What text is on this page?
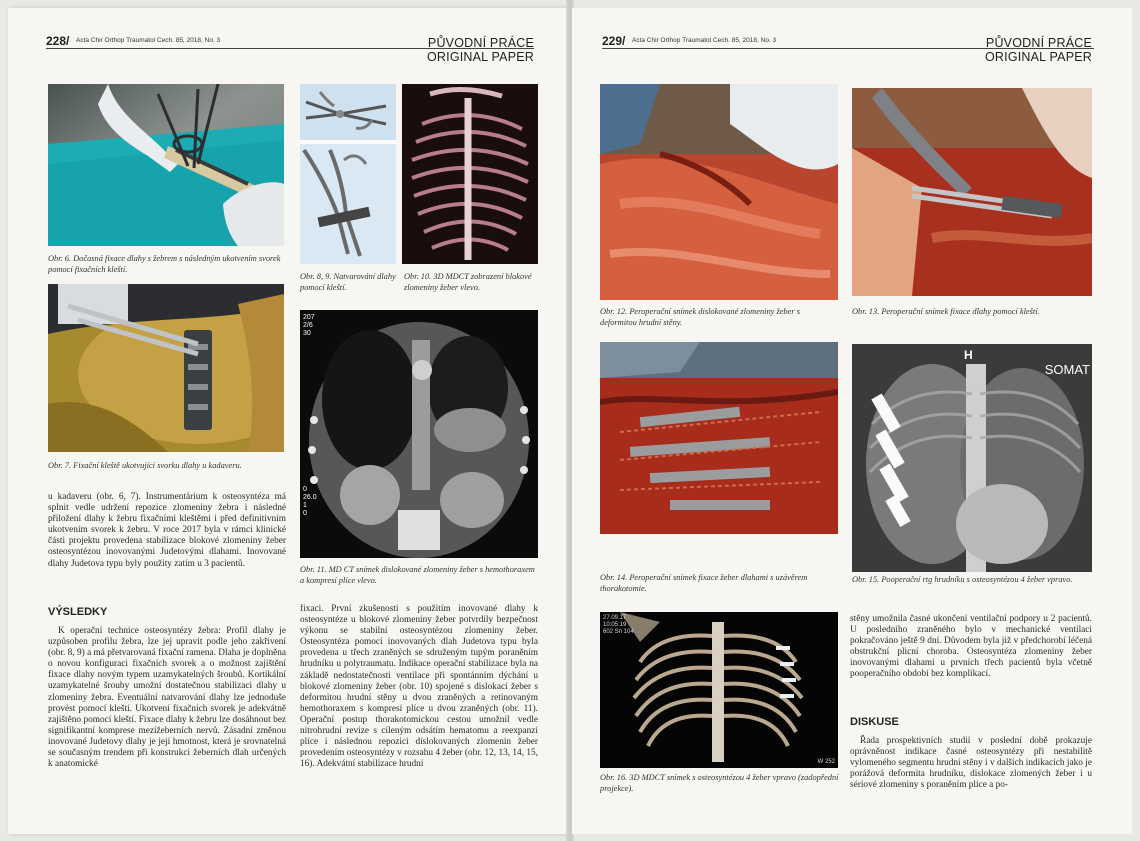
228/ Acta Chir Orthop Traumatol Cech. 85, 2018, No. 3	PŮVODNÍ PRÁCE
ORIGINAL PAPER
Obr. 6. Dočasná fixace dlahy s žebrem s následným ukotvením svorek pomocí fixačních kleští.
Obr. 8, 9. Natvarování dlahy pomocí kleští.
Obr. 10. 3D MDCT zobrazení blokové zlomeniny žeber vlevo.
Obr. 7. Fixační kleště ukotvující svorku dlahy u kadaveru.
207
2/6
30
0
26.0
1
0
Obr. 11. MD CT snímek dislokované zlomeniny žeber s hemothoraxem a kompresí plíce vlevo.

u kadaveru (obr. 6, 7). Instrumentárium k osteosyntéza má splnit vedle udržení repozice zlomeniny žebra i následné přiložení dlahy k žebru fixačními kleštěmi i před definitivním ukotvením svorek k žebru. V roce 2017 byla v rámci klinické části projektu provedena stabilizace blokové zlomeniny žeber osteosyntézou inovovanými Judetovými dlahami. Inovované dlahy Judetova typu byly použity zatím u 3 pacientů.

VÝSLEDKY

K operační technice osteosyntézy žebra: Profil dlahy je uzpůsoben profilu žebra, lze jej upravit podle jeho zakřivení (obr. 8, 9) a má přetvarovaná fixační ramena. Dlaha je doplněna o novou konfiguraci fixačních svorek a o možnost zajištění fixace dlahy novým typem uzamykatelných šroubů. Kortikální uzamykatelné šrouby umožní dostatečnou stabilizaci dlahy u zlomeniny žebra. Eventuální natvarování dlahy lze jednoduše provést pomocí kleští. Ukotvení fixačních svorek je adekvátně zajištěno pomocí kleští. Fixace dlahy k žebru lze dosáhnout bez signifikantní komprese mezižeberních nervů. Zásadní změnou inovované Judetovy dlahy je její hmotnost, která je srovnatelná se současným trendem při konstrukci žeberních dlah určených k anatomické

fixaci. První zkušenosti s použitím inovované dlahy k osteosyntéze u blokové zlomeniny žeber potvrdily bezpečnost výkonu se stabilní osteosyntézou zlomeniny žeber. Osteosyntéza pomocí inovovaných dlah Judetova typu byla provedena u třech zraněných se sdruženým tupým poraněním hrudníku u polytraumatu. Indikace operační stabilizace byla na základě nedostatečnosti ventilace při spontánním dýchání u blokové zlomeniny žeber (obr. 10) spojené s dislokací žeber s deformitou hrudní stěny u dvou zraněných a retinovaným hemothoraxem s kompresí plíce u dvou zraněných (obr. 11). Operační postup thorakotomickou cestou umožnil vedle nitrohrudní revize s cíleným odsátím hematomu a reexpanzí plíce i následnou repozici dislokovaných zlomenin žeber provedením osteosyntézy v rozsahu 4 žeber (obr. 12, 13, 14, 15, 16). Adekvátní stabilizace hrudní

229/ Acta Chir Orthop Traumatol Cech. 85, 2018, No. 3	PŮVODNÍ PRÁCE
ORIGINAL PAPER
Obr. 12. Peroperační snímek dislokované zlomeniny žeber s deformitou hrudní stěny.
Obr. 13. Peroperační snímek fixace dlahy pomocí kleští.
Obr. 14. Peroperační snímek fixace žeber dlahami s uzávěrem thorakotomie.
H
SOMAT
Obr. 15. Pooperační rtg hrudníku s osteosyntézou 4 žeber vpravo.
27.09.17
10:05:19
602 Sn 104
W 252
Obr. 16. 3D MDCT snímek s osteosyntézou 4 žeber vpravo (zadopřední projekce).

stěny umožnila časné ukončení ventilační podpory u 2 pacientů. U posledního zraněného bylo v mechanické ventilaci pokračováno ještě 9 dní. Důvodem byla již v předchorobí léčená obstrukční plicní choroba. Osteosyntéza zlomeniny žeber inovovanými dlahami u prvních třech pacientů byla včetně pooperačního období bez komplikací.

DISKUSE

Řada prospektivních studií v poslední době prokazuje oprávněnost indikace časné osteosyntézy při nestabilitě vylomeného segmentu hrudní stěny i v dalších indikacích jako je porážová deformita hrudníku, dislokace zlomených žeber i u sériové zlomeniny s poraněním plíce a po-
